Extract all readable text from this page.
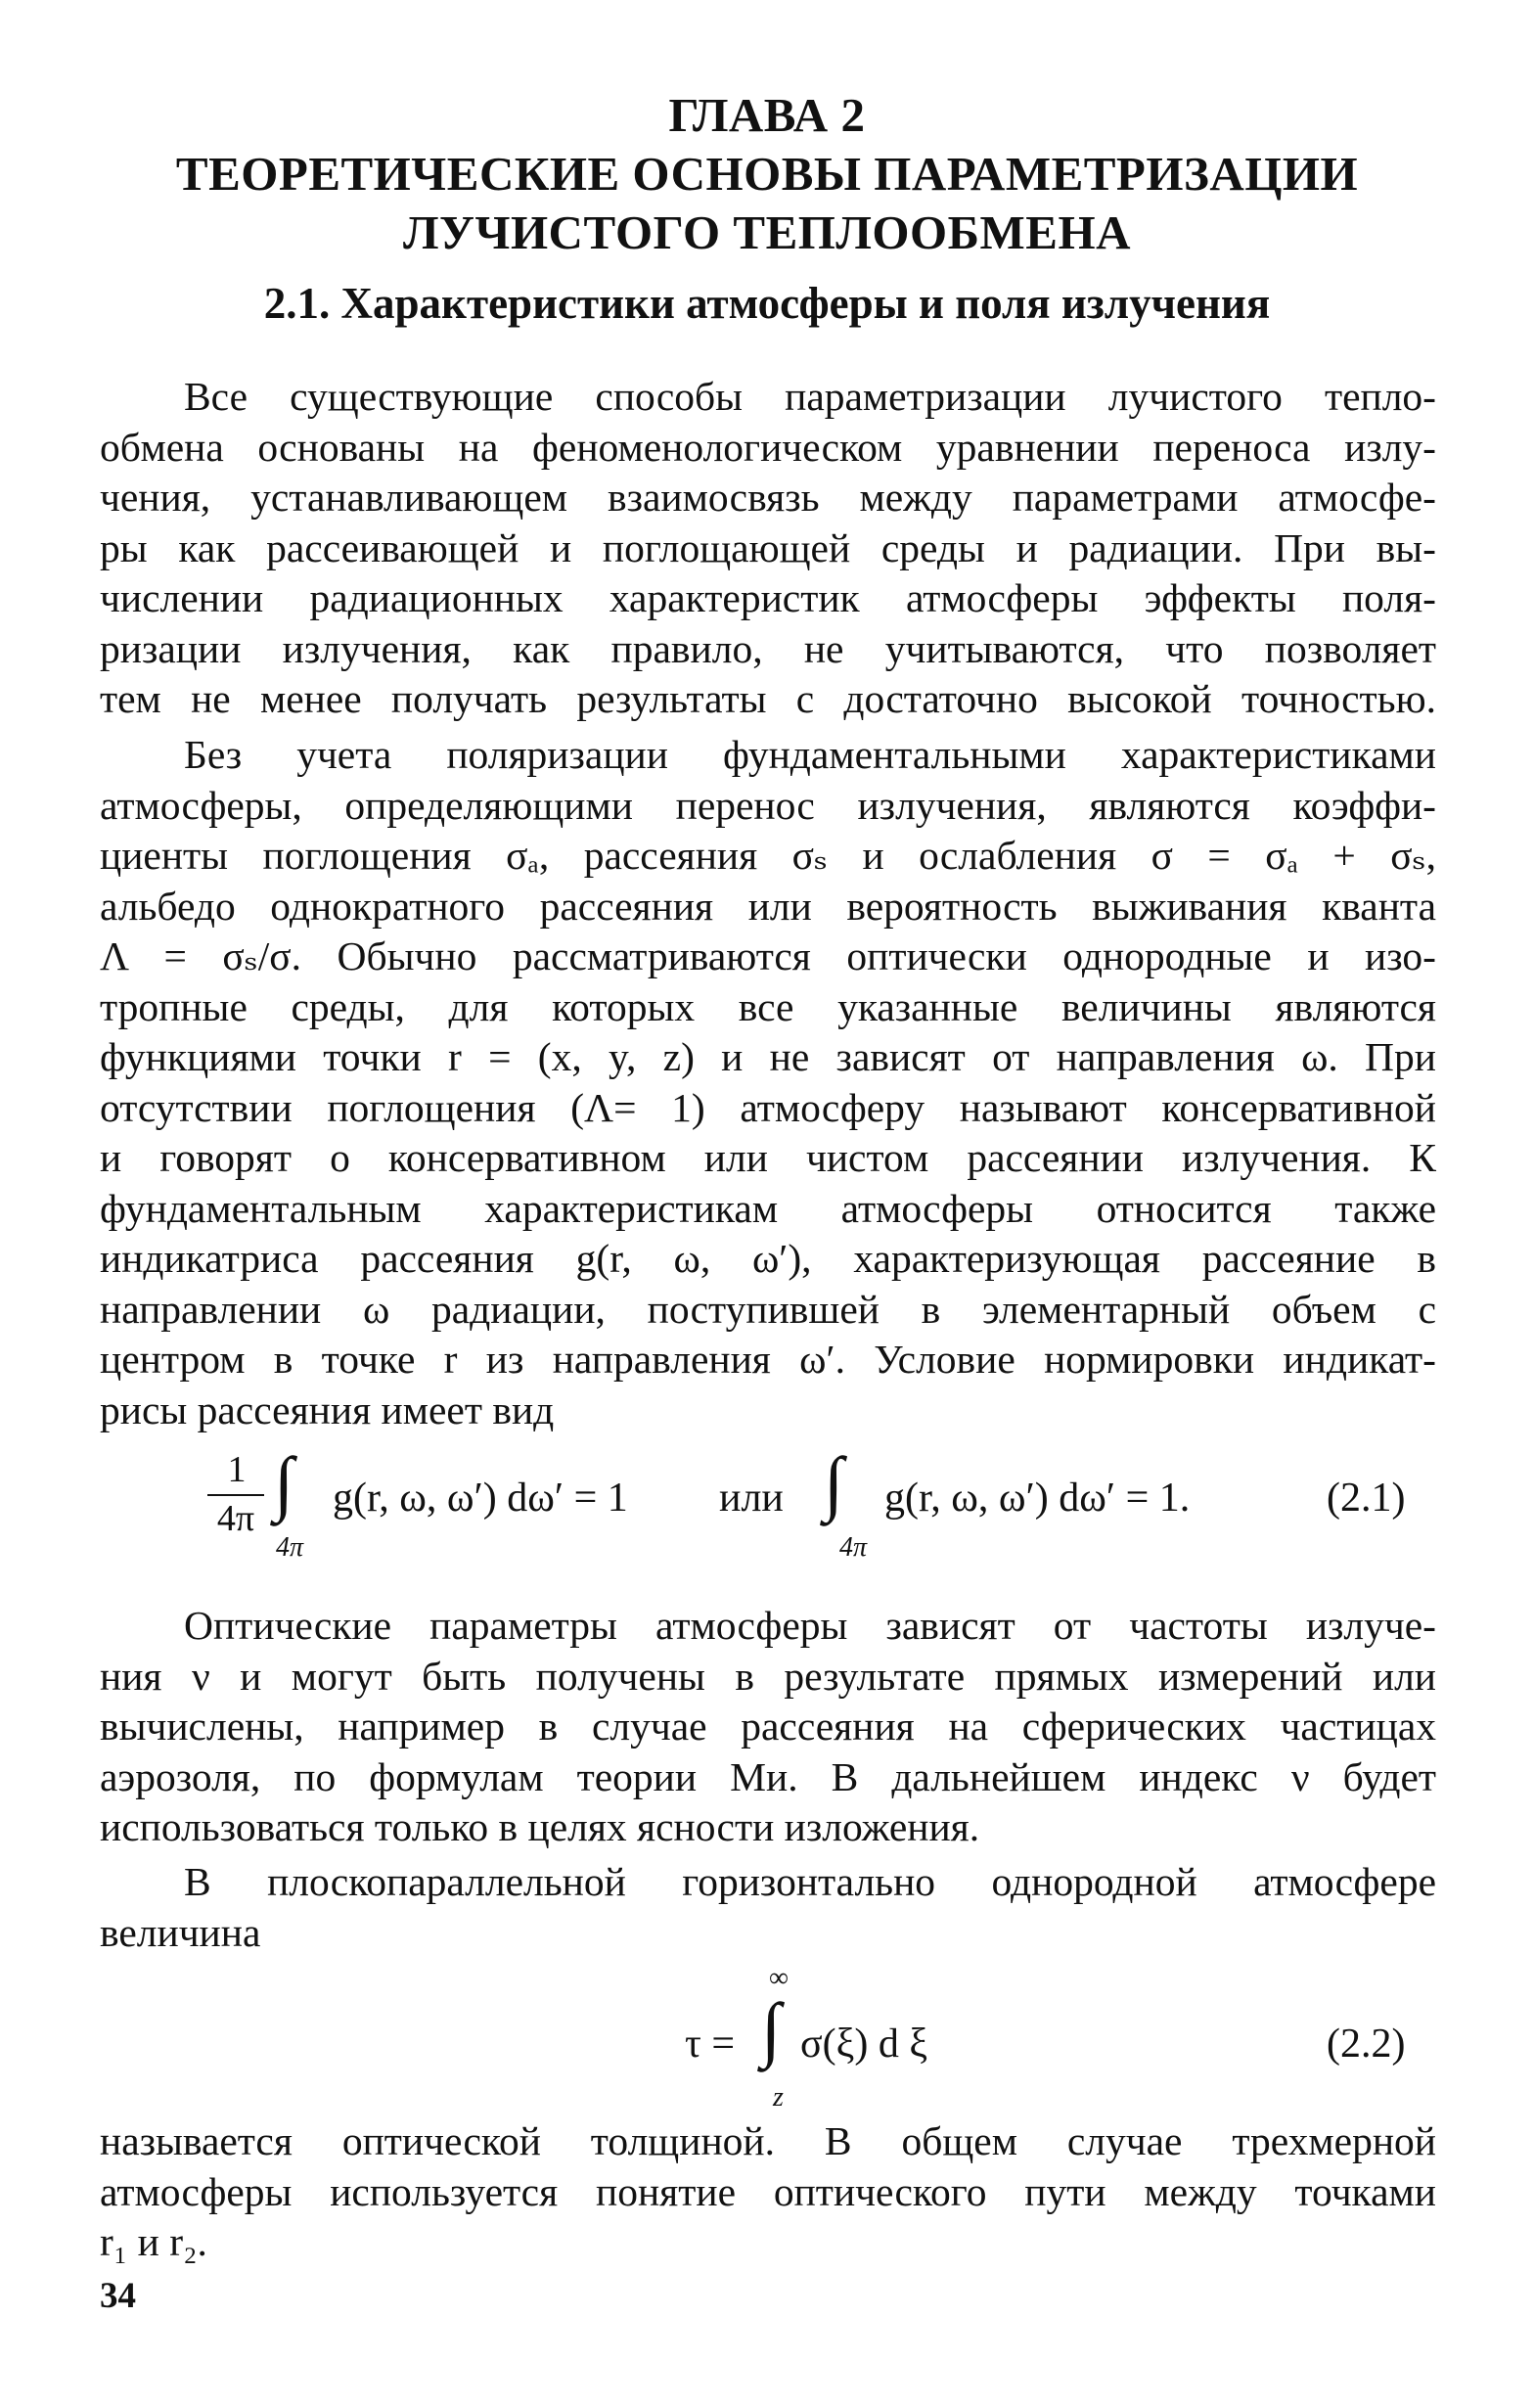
ГЛАВА 2
ТЕОРЕТИЧЕСКИЕ ОСНОВЫ ПАРАМЕТРИЗАЦИИ
ЛУЧИСТОГО ТЕПЛООБМЕНА
2.1. Характеристики атмосферы и поля излучения
Все существующие способы параметризации лучистого тепло-
обмена основаны на феноменологическом уравнении переноса излу-
чения, устанавливающем взаимосвязь между параметрами атмосфе-
ры как рассеивающей и поглощающей среды и радиации. При вы-
числении радиационных характеристик атмосферы эффекты поля-
ризации излучения, как правило, не учитываются, что позволяет
тем не менее получать результаты с достаточно высокой точностью.
Без учета поляризации фундаментальными характеристиками
атмосферы, определяющими перенос излучения, являются коэффи-
циенты поглощения σₐ, рассеяния σₛ и ослабления σ = σₐ + σₛ,
альбедо однократного рассеяния или вероятность выживания кванта
Λ = σₛ/σ. Обычно рассматриваются оптически однородные и изо-
тропные среды, для которых все указанные величины являются
функциями точки r = (x, y, z) и не зависят от направления ω. При
отсутствии поглощения (Λ= 1) атмосферу называют консервативной
и говорят о консервативном или чистом рассеянии излучения. К
фундаментальным характеристикам атмосферы относится также
индикатриса рассеяния g(r, ω, ω′), характеризующая рассеяние в
направлении ω радиации, поступившей в элементарный объем с
центром в точке r из направления ω′. Условие нормировки индикат-
рисы рассеяния имеет вид
1
4π ∫
4π
g(r, ω, ω′) dω′ = 1 или ∫
4π
g(r, ω, ω′) dω′ = 1.	(2.1)
Оптические параметры атмосферы зависят от частоты излуче-
ния ν и могут быть получены в результате прямых измерений или
вычислены, например в случае рассеяния на сферических частицах
аэрозоля, по формулам теории Ми. В дальнейшем индекс ν будет
использоваться только в целях ясности изложения.
В плоскопараллельной горизонтально однородной атмосфере
величина
∞
τ = ∫
z
σ(ξ) d ξ	(2.2)
называется оптической толщиной. В общем случае трехмерной
атмосферы используется понятие оптического пути между точками
r₁ и r₂.
34
